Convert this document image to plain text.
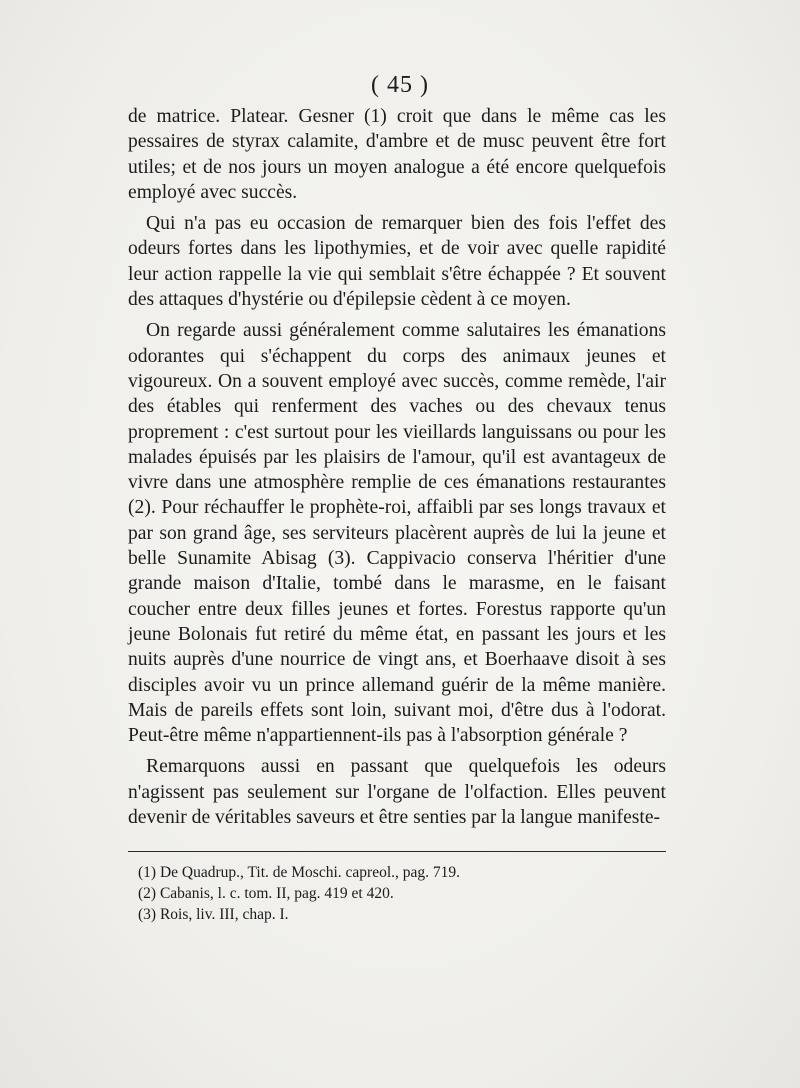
( 45 )

de matrice. Platear. Gesner (1) croit que dans le même cas les pessaires de styrax calamite, d'ambre et de musc peuvent être fort utiles; et de nos jours un moyen analogue a été encore quelquefois employé avec succès.

Qui n'a pas eu occasion de remarquer bien des fois l'effet des odeurs fortes dans les lipothymies, et de voir avec quelle rapidité leur action rappelle la vie qui semblait s'être échappée ? Et souvent des attaques d'hystérie ou d'épilepsie cèdent à ce moyen.

On regarde aussi généralement comme salutaires les émanations odorantes qui s'échappent du corps des animaux jeunes et vigoureux. On a souvent employé avec succès, comme remède, l'air des étables qui renferment des vaches ou des chevaux tenus proprement : c'est surtout pour les vieillards languissans ou pour les malades épuisés par les plaisirs de l'amour, qu'il est avantageux de vivre dans une atmosphère remplie de ces émanations restaurantes (2). Pour réchauffer le prophète-roi, affaibli par ses longs travaux et par son grand âge, ses serviteurs placèrent auprès de lui la jeune et belle Sunamite Abisag (3). Cappivacio conserva l'héritier d'une grande maison d'Italie, tombé dans le marasme, en le faisant coucher entre deux filles jeunes et fortes. Forestus rapporte qu'un jeune Bolonais fut retiré du même état, en passant les jours et les nuits auprès d'une nourrice de vingt ans, et Boerhaave disoit à ses disciples avoir vu un prince allemand guérir de la même manière. Mais de pareils effets sont loin, suivant moi, d'être dus à l'odorat. Peut-être même n'appartiennent-ils pas à l'absorption générale ?

Remarquons aussi en passant que quelquefois les odeurs n'agissent pas seulement sur l'organe de l'olfaction. Elles peuvent devenir de véritables saveurs et être senties par la langue manifeste-

(1) De Quadrup., Tit. de Moschi. capreol., pag. 719.

(2) Cabanis, l. c. tom. II, pag. 419 et 420.

(3) Rois, liv. III, chap. I.
